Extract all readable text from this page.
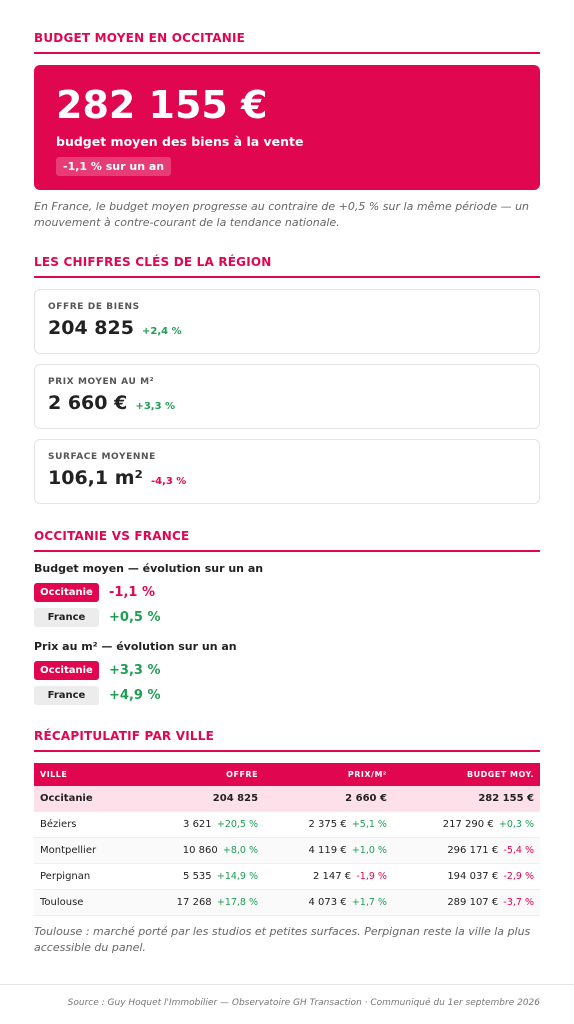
BUDGET MOYEN EN OCCITANIE
282 155 €
budget moyen des biens à la vente
-1,1 % sur un an
En France, le budget moyen progresse au contraire de +0,5 % sur la même période — un mouvement à contre-courant de la tendance nationale.
LES CHIFFRES CLÉS DE LA RÉGION
OFFRE DE BIENS
204 825 +2,4 %
PRIX MOYEN AU M²
2 660 € +3,3 %
SURFACE MOYENNE
106,1 m² -4,3 %
OCCITANIE VS FRANCE
Budget moyen — évolution sur un an
Occitanie	-1,1 %
France	+0,5 %
Prix au m² — évolution sur un an
Occitanie	+3,3 %
France	+4,9 %
RÉCAPITULATIF PAR VILLE
VILLE	OFFRE	PRIX/M²	BUDGET MOY.
Occitanie	204 825	2 660 €	282 155 €
Béziers	3 621 +20,5 %	2 375 € +5,1 %	217 290 € +0,3 %
Montpellier	10 860 +8,0 %	4 119 € +1,0 %	296 171 € -5,4 %
Perpignan	5 535 +14,9 %	2 147 € -1,9 %	194 037 € -2,9 %
Toulouse	17 268 +17,8 %	4 073 € +1,7 %	289 107 € -3,7 %
Toulouse : marché porté par les studios et petites surfaces. Perpignan reste la ville la plus accessible du panel.
Source : Guy Hoquet l'Immobilier — Observatoire GH Transaction · Communiqué du 1er septembre 2026
